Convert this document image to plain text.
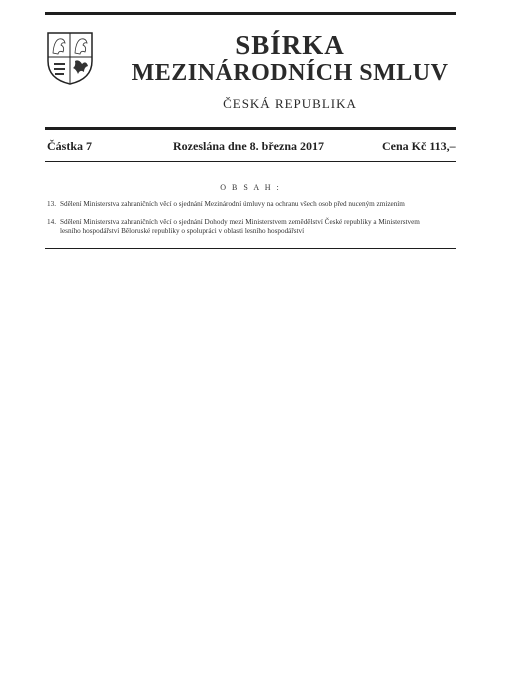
SBÍRKA
MEZINÁRODNÍCH SMLUV
ČESKÁ REPUBLIKA
Částka 7	Rozeslána dne 8. března 2017	Cena Kč 113,–
O B S A H :
13. Sdělení Ministerstva zahraničních věcí o sjednání Mezinárodní úmluvy na ochranu všech osob před nuceným zmizením
14. Sdělení Ministerstva zahraničních věcí o sjednání Dohody mezi Ministerstvem zemědělství České republiky a Ministerstvem
lesního hospodářství Běloruské republiky o spolupráci v oblasti lesního hospodářství
